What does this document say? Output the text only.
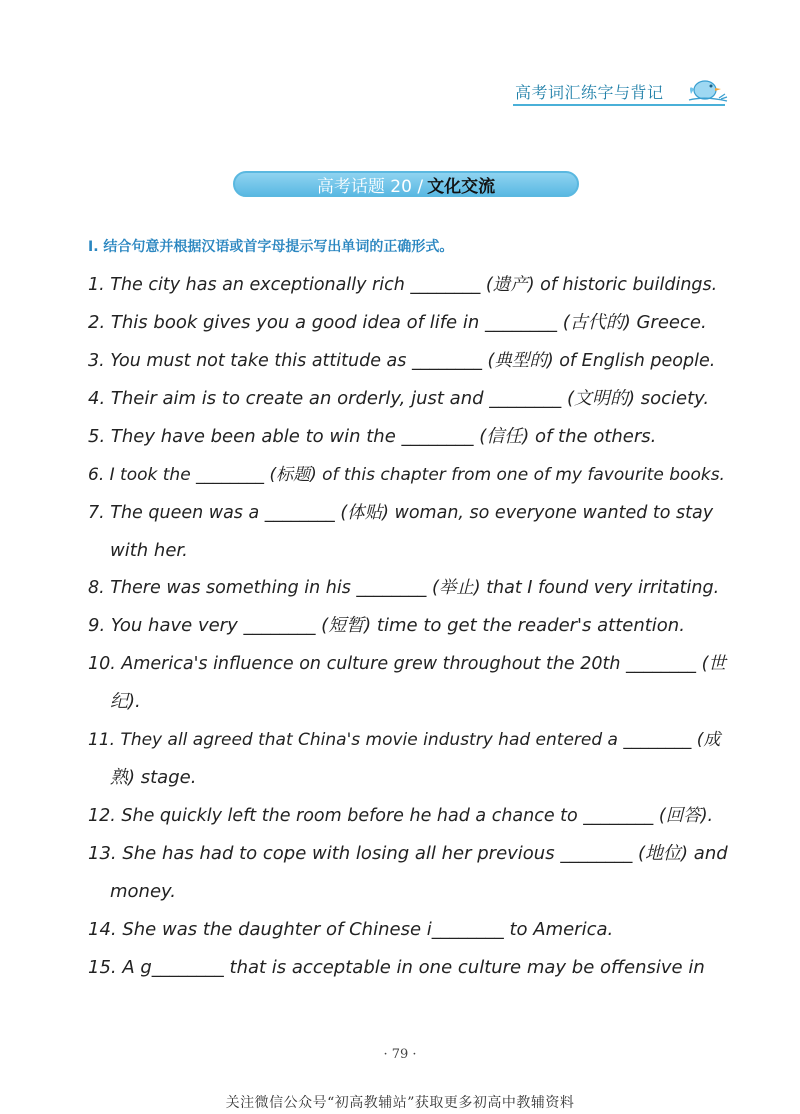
高考词汇练字与背记
高考话题 20 / 文化交流
I. 结合句意并根据汉语或首字母提示写出单词的正确形式。
1. The city has an exceptionally rich ________ (遗产) of historic buildings.
2. This book gives you a good idea of life in ________ (古代的) Greece.
3. You must not take this attitude as ________ (典型的) of English people.
4. Their aim is to create an orderly, just and ________ (文明的) society.
5. They have been able to win the ________ (信任) of the others.
6. I took the ________ (标题) of this chapter from one of my favourite books.
7. The queen was a ________ (体贴) woman, so everyone wanted to stay
with her.
8. There was something in his ________ (举止) that I found very irritating.
9. You have very ________ (短暂) time to get the reader's attention.
10. America's influence on culture grew throughout the 20th ________ (世
纪).
11. They all agreed that China's movie industry had entered a ________ (成
熟) stage.
12. She quickly left the room before he had a chance to ________ (回答).
13. She has had to cope with losing all her previous ________ (地位) and
money.
14. She was the daughter of Chinese i________ to America.
15. A g________ that is acceptable in one culture may be offensive in
· 79 ·
关注微信公众号“初高教辅站”获取更多初高中教辅资料
